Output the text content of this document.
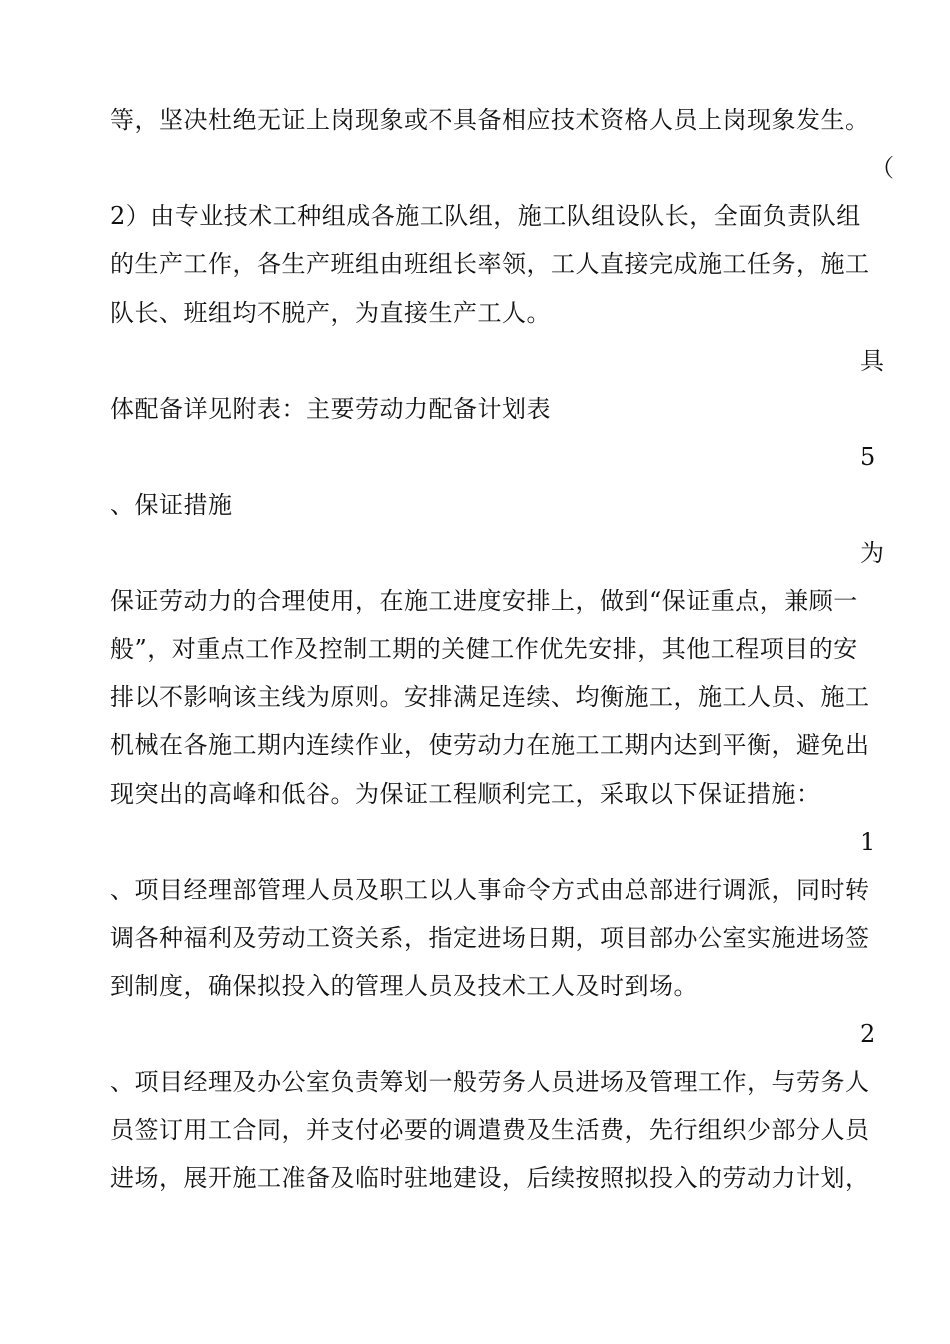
等，坚决杜绝无证上岗现象或不具备相应技术资格人员上岗现象发生。
（
2）由专业技术工种组成各施工队组，施工队组设队长，全面负责队组
的生产工作，各生产班组由班组长率领，工人直接完成施工任务，施工
队长、班组均不脱产，为直接生产工人。
具
体配备详见附表：主要劳动力配备计划表
5
、保证措施
为
保证劳动力的合理使用，在施工进度安排上，做到“保证重点，兼顾一
般”，对重点工作及控制工期的关健工作优先安排，其他工程项目的安
排以不影响该主线为原则。安排满足连续、均衡施工，施工人员、施工
机械在各施工期内连续作业，使劳动力在施工工期内达到平衡，避免出
现突出的高峰和低谷。为保证工程顺利完工，采取以下保证措施：
1
、项目经理部管理人员及职工以人事命令方式由总部进行调派，同时转
调各种福利及劳动工资关系，指定进场日期，项目部办公室实施进场签
到制度，确保拟投入的管理人员及技术工人及时到场。
2
、项目经理及办公室负责筹划一般劳务人员进场及管理工作，与劳务人
员签订用工合同，并支付必要的调遣费及生活费，先行组织少部分人员
进场，展开施工准备及临时驻地建设，后续按照拟投入的劳动力计划，
